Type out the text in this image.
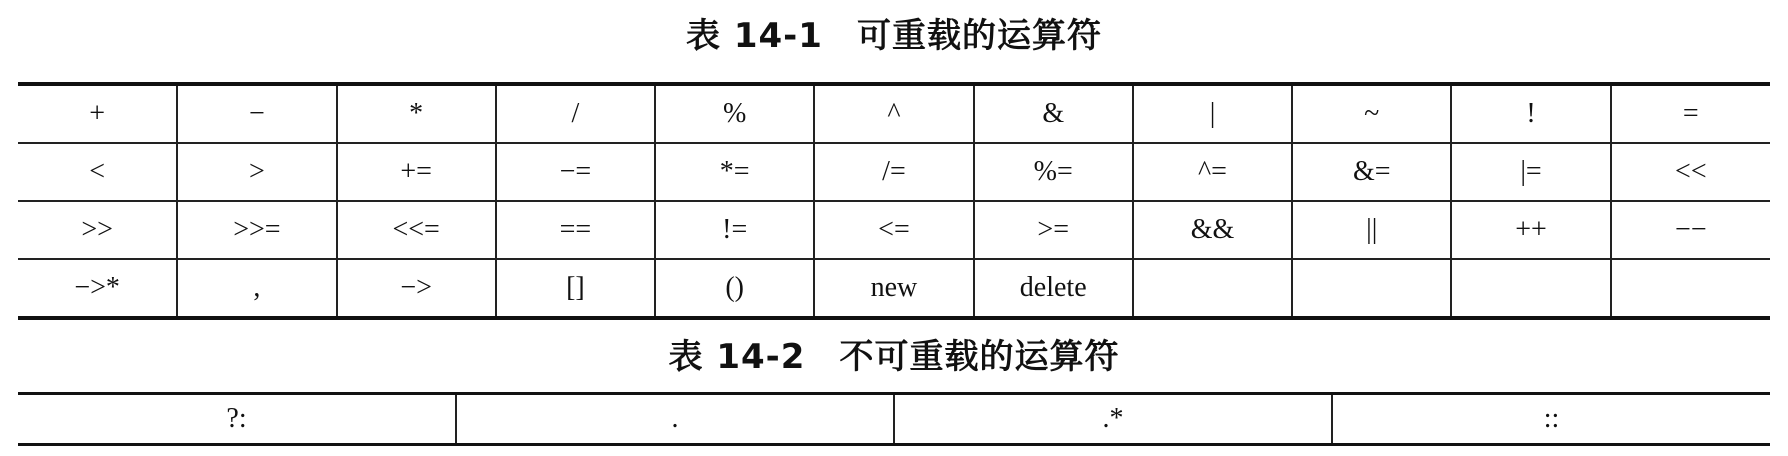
表 14-1 可重载的运算符
+	−	*	/	%	^	&	|	~	!	=
<	>	+=	−=	*=	/=	%=	^=	&=	|=	<<
>>	>>=	<<=	==	!=	<=	>=	&&	||	++	−−
−>*	,	−>	[]	()	new	delete				
表 14-2 不可重载的运算符
?:	.	.*	::
